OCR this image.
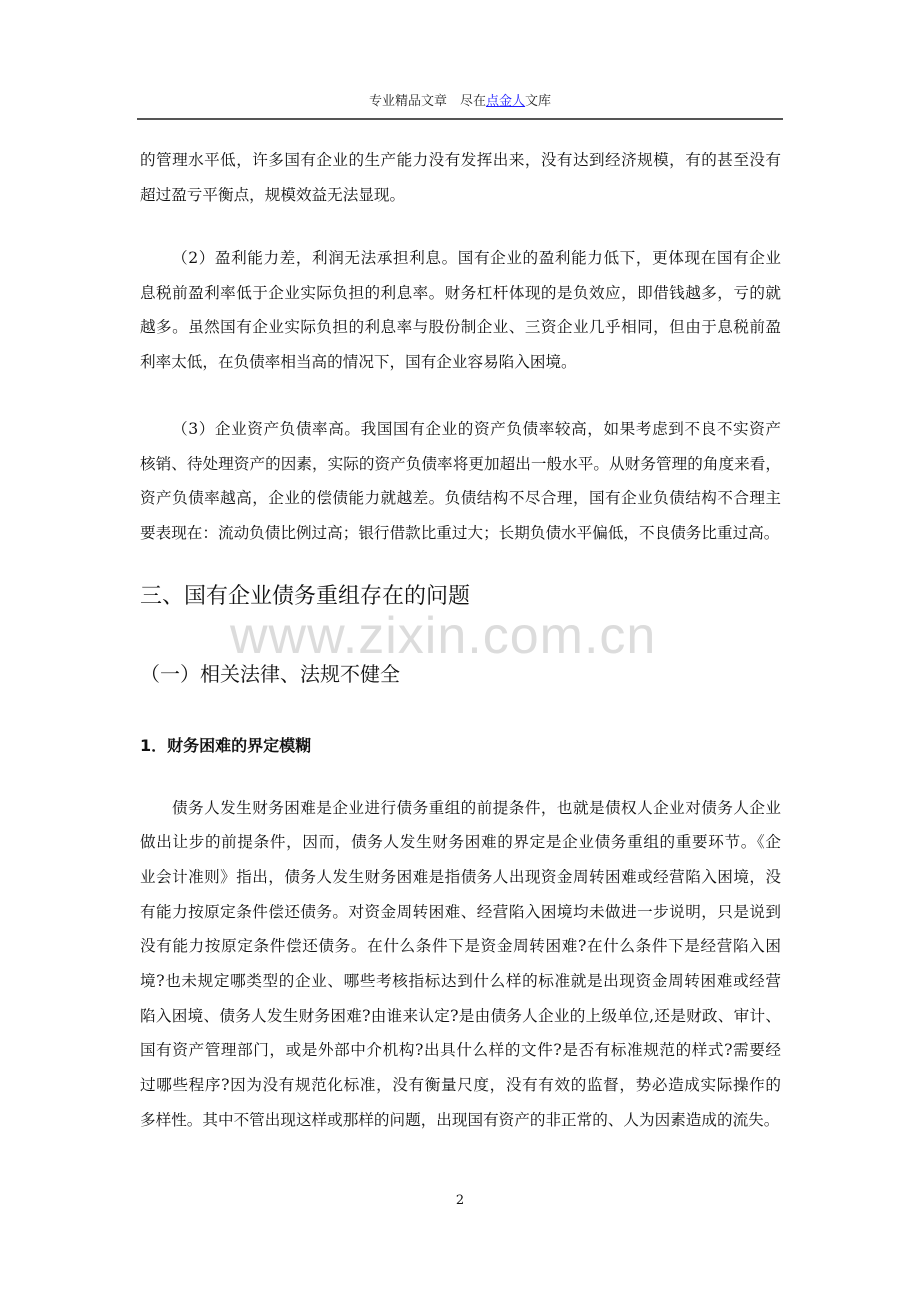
专业精品文章　尽在点金人文库
www.zixin.com.cn
的管理水平低，许多国有企业的生产能力没有发挥出来，没有达到经济规模，有的甚至没有
超过盈亏平衡点，规模效益无法显现。
（2）盈利能力差，利润无法承担利息。国有企业的盈利能力低下，更体现在国有企业
息税前盈利率低于企业实际负担的利息率。财务杠杆体现的是负效应，即借钱越多，亏的就
越多。虽然国有企业实际负担的利息率与股份制企业、三资企业几乎相同，但由于息税前盈
利率太低，在负债率相当高的情况下，国有企业容易陷入困境。
（3）企业资产负债率高。我国国有企业的资产负债率较高，如果考虑到不良不实资产
核销、待处理资产的因素，实际的资产负债率将更加超出一般水平。从财务管理的角度来看，
资产负债率越高，企业的偿债能力就越差。负债结构不尽合理，国有企业负债结构不合理主
要表现在：流动负债比例过高；银行借款比重过大；长期负债水平偏低，不良债务比重过高。
债务人发生财务困难是企业进行债务重组的前提条件，也就是债权人企业对债务人企业
做出让步的前提条件，因而，债务人发生财务困难的界定是企业债务重组的重要环节。《企
业会计准则》指出，债务人发生财务困难是指债务人出现资金周转困难或经营陷入困境，没
有能力按原定条件偿还债务。对资金周转困难、经营陷入困境均未做进一步说明，只是说到
没有能力按原定条件偿还债务。在什么条件下是资金周转困难?在什么条件下是经营陷入困
境?也未规定哪类型的企业、哪些考核指标达到什么样的标准就是出现资金周转困难或经营
陷入困境、债务人发生财务困难?由谁来认定?是由债务人企业的上级单位,还是财政、审计、
国有资产管理部门，或是外部中介机构?出具什么样的文件?是否有标准规范的样式?需要经
过哪些程序?因为没有规范化标准，没有衡量尺度，没有有效的监督，势必造成实际操作的
多样性。其中不管出现这样或那样的问题，出现国有资产的非正常的、人为因素造成的流失。
三、国有企业债务重组存在的问题
（一）相关法律、法规不健全
1．财务困难的界定模糊
2
